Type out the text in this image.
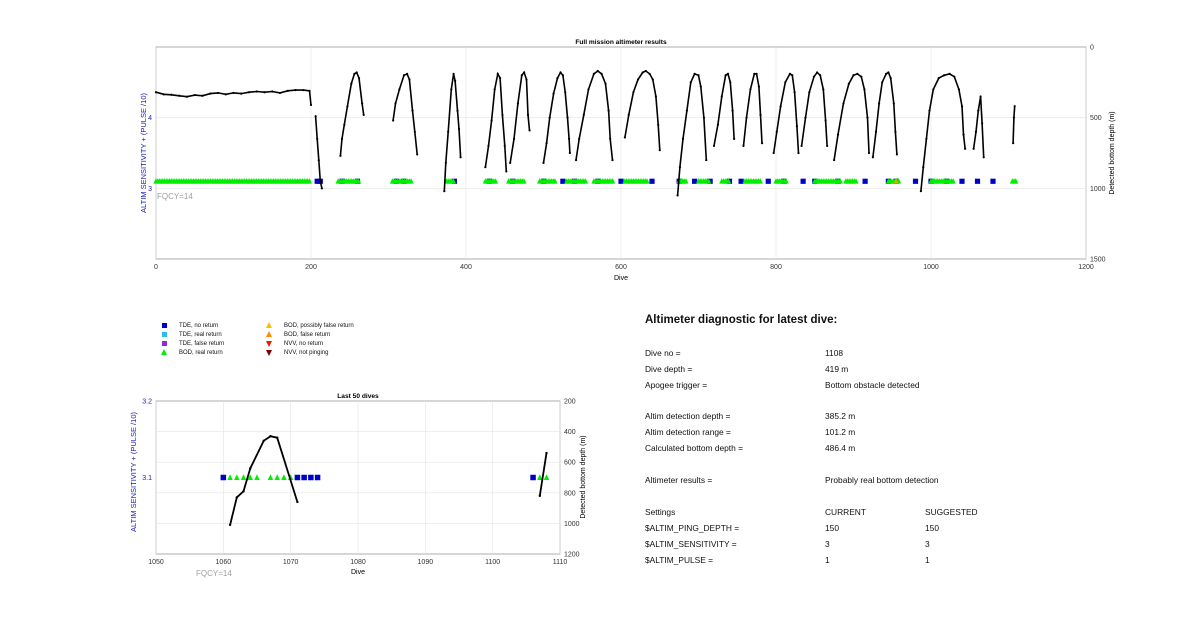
0	200	400	600	800	1000	1200
0
500
1000
1500
3
4
Full mission altimeter results
Dive
ALTIM SENSITIVITY + (PULSE /10)	Detected bottom depth (m)
FQCY=14
1050	1060	1070	1080	1090	1100	1110
200
400
600
800
1000
1200
3.1
3.2
Last 50 dives
Dive
ALTIM SENSITIVITY + (PULSE /10)	Detected bottom depth (m)
FQCY=14
TDE, no return
TDE, real return
TDE, false return
BOD, real return
BOD, possibly false return
BOD, false return
NVV, no return
NVV, not pinging
Altimeter diagnostic for latest dive:
Dive no =	1108
Dive depth =	419 m
Apogee trigger =	Bottom obstacle detected
Altim detection depth =	385.2 m
Altim detection range =	101.2 m
Calculated bottom depth =	486.4 m
Altimeter results =	Probably real bottom detection
Settings	CURRENT	SUGGESTED
$ALTIM_PING_DEPTH =	150	150
$ALTIM_SENSITIVITY =	3	3
$ALTIM_PULSE =	1	1
